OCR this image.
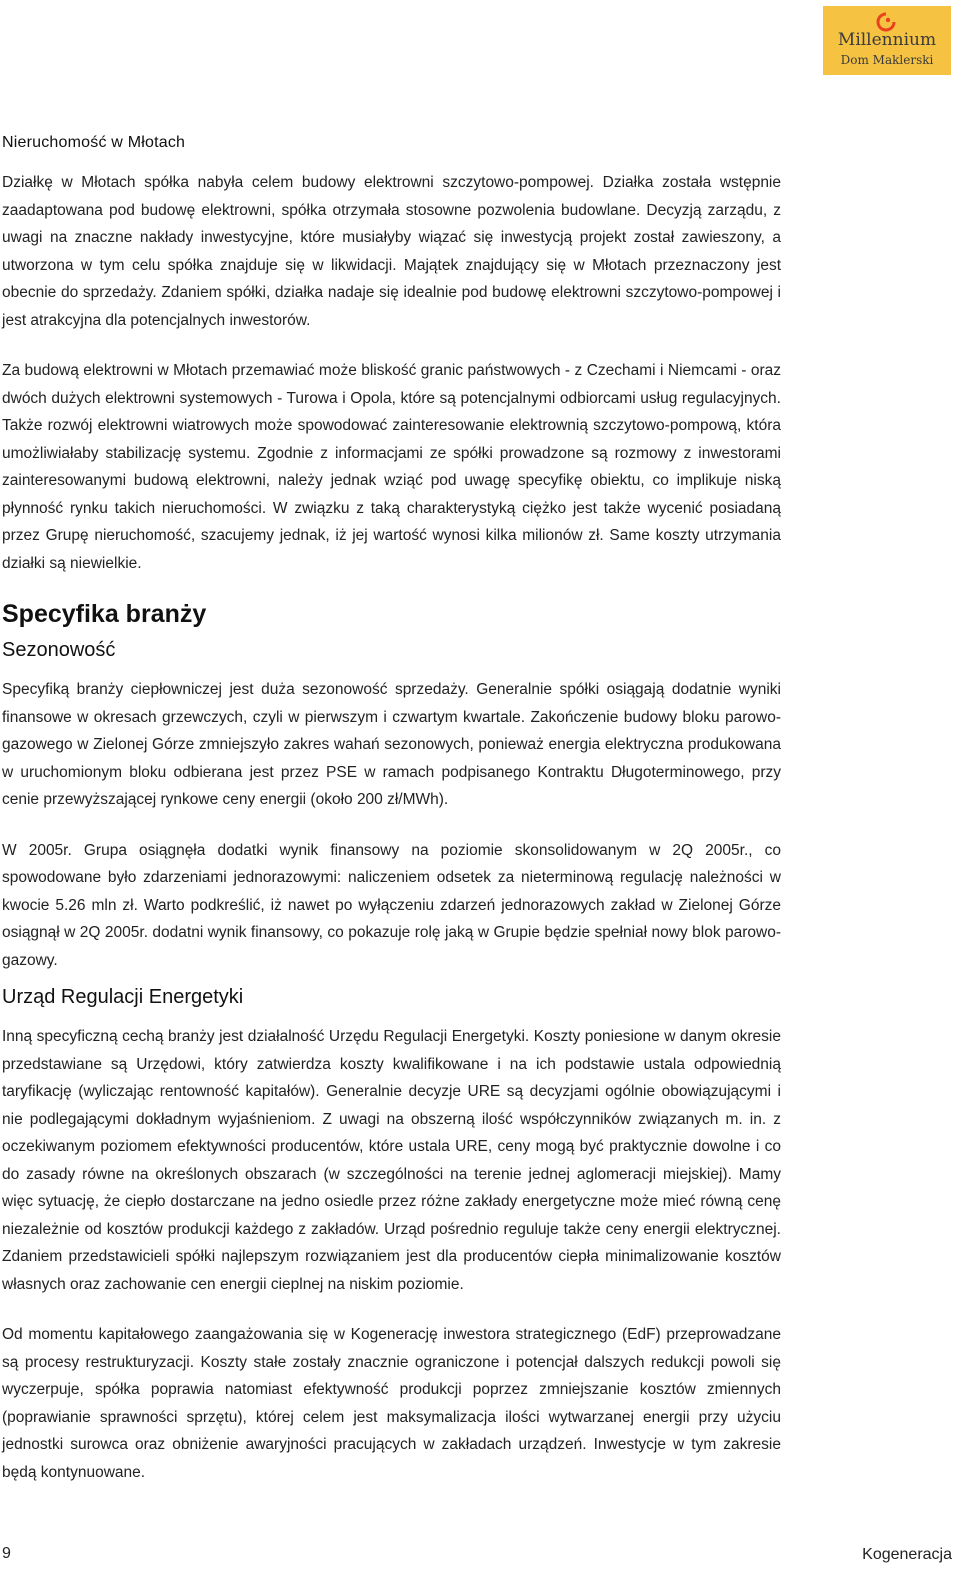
Millennium
Dom Maklerski
Nieruchomość w Młotach

Działkę w Młotach spółka nabyła celem budowy elektrowni szczytowo-pompowej. Działka została wstępnie zaadaptowana pod budowę elektrowni, spółka otrzymała stosowne pozwolenia budowlane. Decyzją zarządu, z uwagi na znaczne nakłady inwestycyjne, które musiałyby wiązać się inwestycją projekt został zawieszony, a utworzona w tym celu spółka znajduje się w likwidacji. Majątek znajdujący się w Młotach przeznaczony jest obecnie do sprzedaży. Zdaniem spółki, działka nadaje się idealnie pod budowę elektrowni szczytowo-pompowej i jest atrakcyjna dla potencjalnych inwestorów.

Za budową elektrowni w Młotach przemawiać może bliskość granic państwowych - z Czechami i Niemcami - oraz dwóch dużych elektrowni systemowych - Turowa i Opola, które są potencjalnymi odbiorcami usług regulacyjnych. Także rozwój elektrowni wiatrowych może spowodować zainteresowanie elektrownią szczytowo-pompową, która umożliwiałaby stabilizację systemu. Zgodnie z informacjami ze spółki prowadzone są rozmowy z inwestorami zainteresowanymi budową elektrowni, należy jednak wziąć pod uwagę specyfikę obiektu, co implikuje niską płynność rynku takich nieruchomości. W związku z taką charakterystyką ciężko jest także wycenić posiadaną przez Grupę nieruchomość, szacujemy jednak, iż jej wartość wynosi kilka milionów zł. Same koszty utrzymania działki są niewielkie.

Specyfika branży
Sezonowość

Specyfiką branży ciepłowniczej jest duża sezonowość sprzedaży. Generalnie spółki osiągają dodatnie wyniki finansowe w okresach grzewczych, czyli w pierwszym i czwartym kwartale. Zakończenie budowy bloku parowo-gazowego w Zielonej Górze zmniejszyło zakres wahań sezonowych, ponieważ energia elektryczna produkowana w uruchomionym bloku odbierana jest przez PSE w ramach podpisanego Kontraktu Długoterminowego, przy cenie przewyższającej rynkowe ceny energii (około 200 zł/MWh).

W 2005r. Grupa osiągnęła dodatki wynik finansowy na poziomie skonsolidowanym w 2Q 2005r., co spowodowane było zdarzeniami jednorazowymi: naliczeniem odsetek za nieterminową regulację należności w kwocie 5.26 mln zł. Warto podkreślić, iż nawet po wyłączeniu zdarzeń jednorazowych zakład w Zielonej Górze osiągnął w 2Q 2005r. dodatni wynik finansowy, co pokazuje rolę jaką w Grupie będzie spełniał nowy blok parowo-gazowy.

Urząd Regulacji Energetyki

Inną specyficzną cechą branży jest działalność Urzędu Regulacji Energetyki. Koszty poniesione w danym okresie przedstawiane są Urzędowi, który zatwierdza koszty kwalifikowane i na ich podstawie ustala odpowiednią taryfikację (wyliczając rentowność kapitałów). Generalnie decyzje URE są decyzjami ogólnie obowiązującymi i nie podlegającymi dokładnym wyjaśnieniom. Z uwagi na obszerną ilość współczynników związanych m. in. z oczekiwanym poziomem efektywności producentów, które ustala URE, ceny mogą być praktycznie dowolne i co do zasady równe na określonych obszarach (w szczególności na terenie jednej aglomeracji miejskiej). Mamy więc sytuację, że ciepło dostarczane na jedno osiedle przez różne zakłady energetyczne może mieć równą cenę niezależnie od kosztów produkcji każdego z zakładów. Urząd pośrednio reguluje także ceny energii elektrycznej. Zdaniem przedstawicieli spółki najlepszym rozwiązaniem jest dla producentów ciepła minimalizowanie kosztów własnych oraz zachowanie cen energii cieplnej na niskim poziomie.

Od momentu kapitałowego zaangażowania się w Kogenerację inwestora strategicznego (EdF) przeprowadzane są procesy restrukturyzacji. Koszty stałe zostały znacznie ograniczone i potencjał dalszych redukcji powoli się wyczerpuje, spółka poprawia natomiast efektywność produkcji poprzez zmniejszanie kosztów zmiennych (poprawianie sprawności sprzętu), której celem jest maksymalizacja ilości wytwarzanej energii przy użyciu jednostki surowca oraz obniżenie awaryjności pracujących w zakładach urządzeń. Inwestycje w tym zakresie będą kontynuowane.

9	Kogeneracja
